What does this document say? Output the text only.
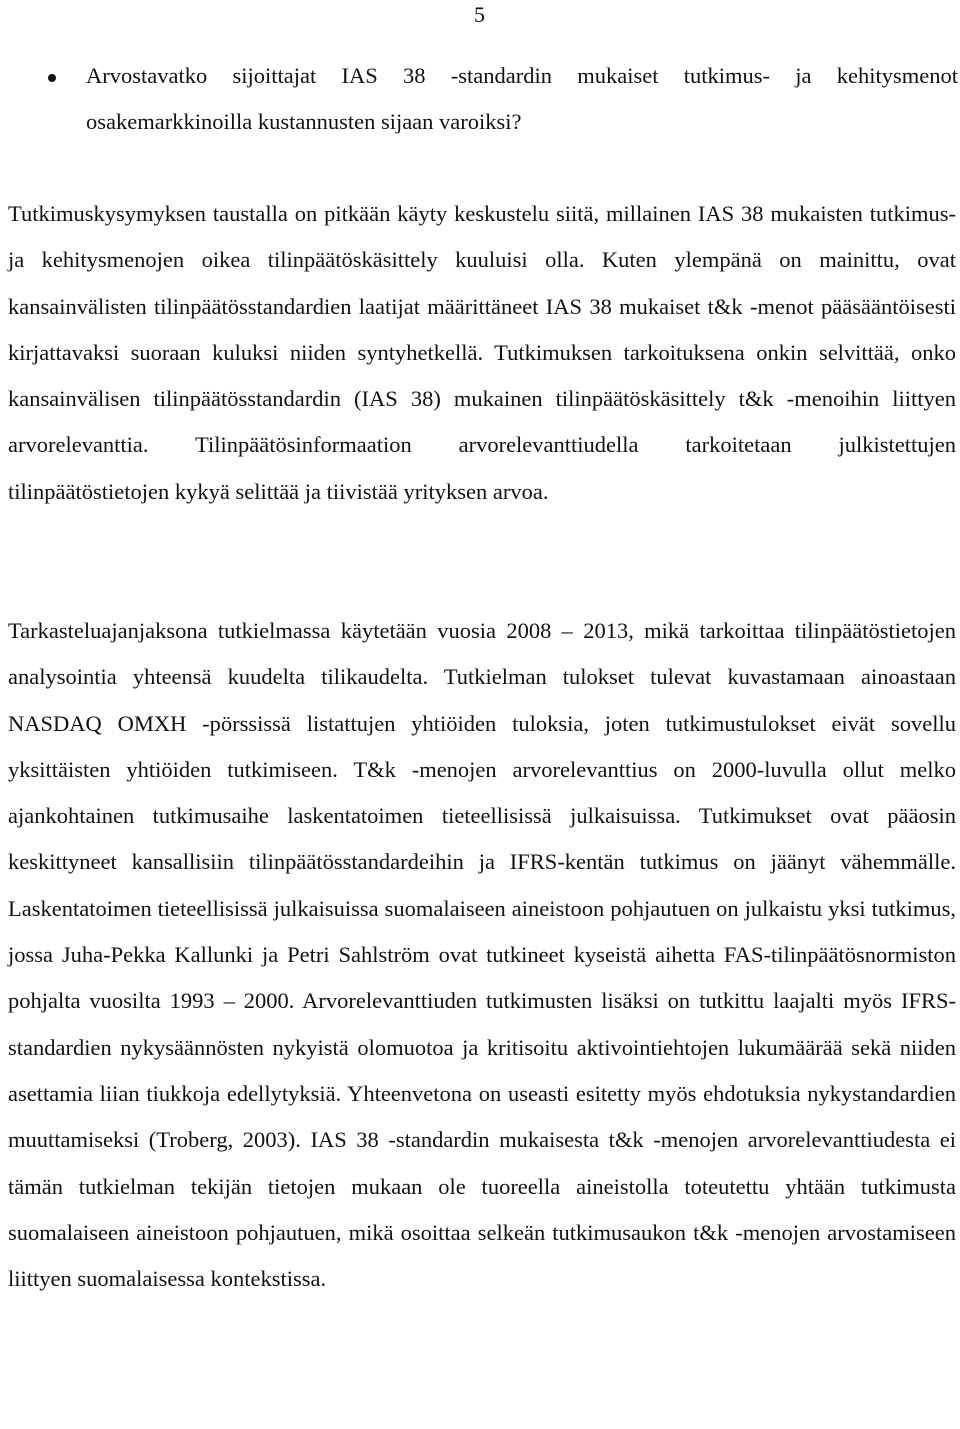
5
Arvostavatko sijoittajat IAS 38 -standardin mukaiset tutkimus- ja kehitysmenot osakemarkkinoilla kustannusten sijaan varoiksi?

Tutkimuskysymyksen taustalla on pitkään käyty keskustelu siitä, millainen IAS 38 mukaisten tutkimus- ja kehitysmenojen oikea tilinpäätöskäsittely kuuluisi olla. Kuten ylempänä on mainittu, ovat kansainvälisten tilinpäätösstandardien laatijat määrittäneet IAS 38 mukaiset t&k -menot pääsääntöisesti kirjattavaksi suoraan kuluksi niiden syntyhetkellä. Tutkimuksen tarkoituksena onkin selvittää, onko kansainvälisen tilinpäätösstandardin (IAS 38) mukainen tilinpäätöskäsittely t&k -menoihin liittyen arvorelevanttia. Tilinpäätösinformaation arvorelevanttiudella tarkoitetaan julkistettujen tilinpäätöstietojen kykyä selittää ja tiivistää yrityksen arvoa.

Tarkasteluajanjaksona tutkielmassa käytetään vuosia 2008 – 2013, mikä tarkoittaa tilinpäätöstietojen analysointia yhteensä kuudelta tilikaudelta. Tutkielman tulokset tulevat kuvastamaan ainoastaan NASDAQ OMXH -pörssissä listattujen yhtiöiden tuloksia, joten tutkimustulokset eivät sovellu yksittäisten yhtiöiden tutkimiseen. T&k -menojen arvorelevanttius on 2000-luvulla ollut melko ajankohtainen tutkimusaihe laskentatoimen tieteellisissä julkaisuissa. Tutkimukset ovat pääosin keskittyneet kansallisiin tilinpäätösstandardeihin ja IFRS-kentän tutkimus on jäänyt vähemmälle. Laskentatoimen tieteellisissä julkaisuissa suomalaiseen aineistoon pohjautuen on julkaistu yksi tutkimus, jossa Juha-Pekka Kallunki ja Petri Sahlström ovat tutkineet kyseistä aihetta FAS-tilinpäätösnormiston pohjalta vuosilta 1993 – 2000. Arvorelevanttiuden tutkimusten lisäksi on tutkittu laajalti myös IFRS-standardien nykysäännösten nykyistä olomuotoa ja kritisoitu aktivointiehtojen lukumäärää sekä niiden asettamia liian tiukkoja edellytyksiä. Yhteenvetona on useasti esitetty myös ehdotuksia nykystandardien muuttamiseksi (Troberg, 2003). IAS 38 -standardin mukaisesta t&k -menojen arvorelevanttiudesta ei tämän tutkielman tekijän tietojen mukaan ole tuoreella aineistolla toteutettu yhtään tutkimusta suomalaiseen aineistoon pohjautuen, mikä osoittaa selkeän tutkimusaukon t&k -menojen arvostamiseen liittyen suomalaisessa kontekstissa.
